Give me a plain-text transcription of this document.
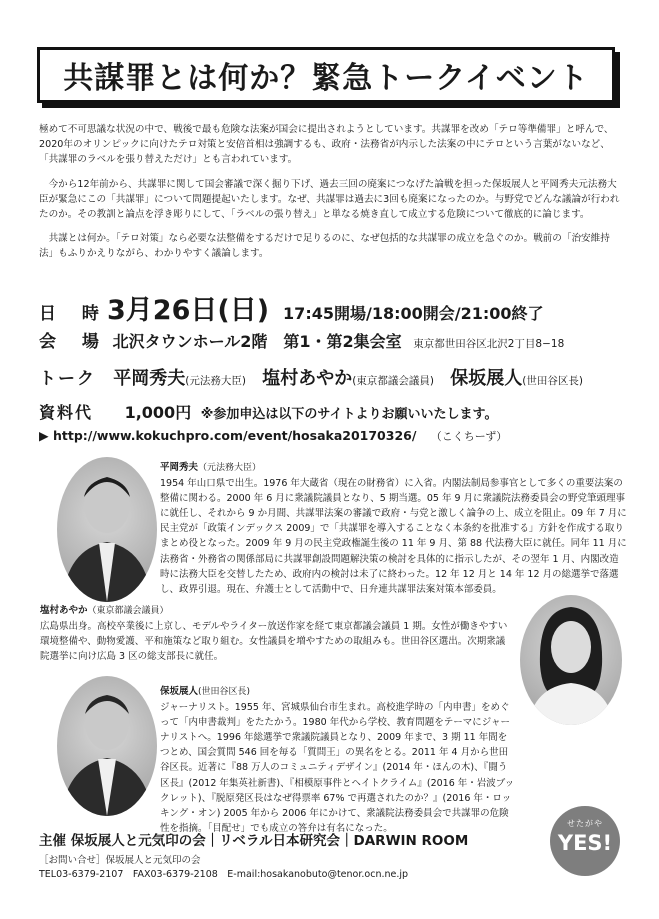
共謀罪とは何か？緊急トークイベント

極めて不可思議な状況の中で、戦後で最も危険な法案が国会に提出されようとしています。共謀罪を改め「テロ等準備罪」と呼んで、2020年のオリンピックに向けたテロ対策と安倍首相は強調するも、政府・法務省が内示した法案の中にテロという言葉がないなど、「共謀罪のラベルを張り替えただけ」とも言われています。

今から12年前から、共謀罪に関して国会審議で深く掘り下げ、過去三回の廃案につなげた論戦を担った保坂展人と平岡秀夫元法務大臣が緊急にこの「共謀罪」について問題提起いたします。なぜ、共謀罪は過去に3回も廃案になったのか。与野党でどんな議論が行われたのか。その教訓と論点を浮き彫りにして、「ラベルの張り替え」と単なる焼き直して成立する危険について徹底的に論じます。

共謀とは何か。「テロ対策」なら必要な法整備をするだけで足りるのに、なぜ包括的な共謀罪の成立を急ぐのか。戦前の「治安維持法」もふりかえりながら、わかりやすく議論します。

日 時
3月26日(日) 17:45開場/18:00開会/21:00終了
会 場 北沢タウンホール2階　第1・第2集会室 東京都世田谷区北沢2丁目8−18
トーク 平岡秀夫(元法務大臣) 塩村あやか(東京都議会議員) 保坂展人(世田谷区長)
資料代 1,000円 ※参加申込は以下のサイトよりお願いいたします。
▶ http://www.kokuchpro.com/event/hosaka20170326/ （こくちーず）
平岡秀夫（元法務大臣）
1954 年山口県で出生。1976 年大蔵省（現在の財務省）に入省。内閣法制局参事官として多くの重要法案の整備に関わる。2000 年 6 月に衆議院議員となり、5 期当選。05 年 9 月に衆議院法務委員会の野党筆頭理事に就任し、それから 9 か月間、共謀罪法案の審議で政府・与党と激しく論争の上、成立を阻止。09 年 7 月に民主党が「政策インデックス 2009」で「共謀罪を導入することなく本条約を批准する」方針を作成する取りまとめ役となった。2009 年 9 月の民主党政権誕生後の 11 年 9 月、第 88 代法務大臣に就任。同年 11 月に法務省・外務省の関係部局に共謀罪創設問題解決策の検討を具体的に指示したが、その翌年 1 月、内閣改造時に法務大臣を交替したため、政府内の検討は未了に終わった。12 年 12 月と 14 年 12 月の総選挙で落選し、政界引退。現在、弁護士として活動中で、日弁連共謀罪法案対策本部委員。
塩村あやか（東京都議会議員）
広島県出身。高校卒業後に上京し、モデルやライター放送作家を経て東京都議会議員 1 期。女性が働きやすい環境整備や、動物愛護、平和施策など取り組む。女性議員を増やすための取組みも。世田谷区選出。次期衆議院選挙に向け広島 3 区の総支部長に就任。
保坂展人(世田谷区長)
ジャーナリスト。1955 年、宮城県仙台市生まれ。高校進学時の「内申書」をめぐって「内申書裁判」をたたかう。1980 年代から学校、教育問題をテーマにジャーナリストへ。1996 年総選挙で衆議院議員となり、2009 年まで、3 期 11 年間をつとめ、国会質問 546 回を毎る「質問王」の異名をとる。2011 年 4 月から世田谷区長。近著に『88 万人のコミュニティデザイン』(2014 年・ほんの木)、『闘う区長』(2012 年集英社新書)、『相模原事件とヘイトクライム』(2016 年・岩波ブックレット)、『脱原発区長はなぜ得票率 67% で再選されたのか？』(2016 年・ロッキング・オン) 2005 年から 2006 年にかけて、衆議院法務委員会で共謀罪の危険性を指摘。「目配せ」でも成立の答弁は有名になった。

主催 保坂展人と元気印の会｜リベラル日本研究会｜DARWIN ROOM

［お問い合せ］保坂展人と元気印の会

TEL03-6379-2107　FAX03-6379-2108　E-mail:hosakanobuto@tenor.ocn.ne.jp

せたがや
YES!
